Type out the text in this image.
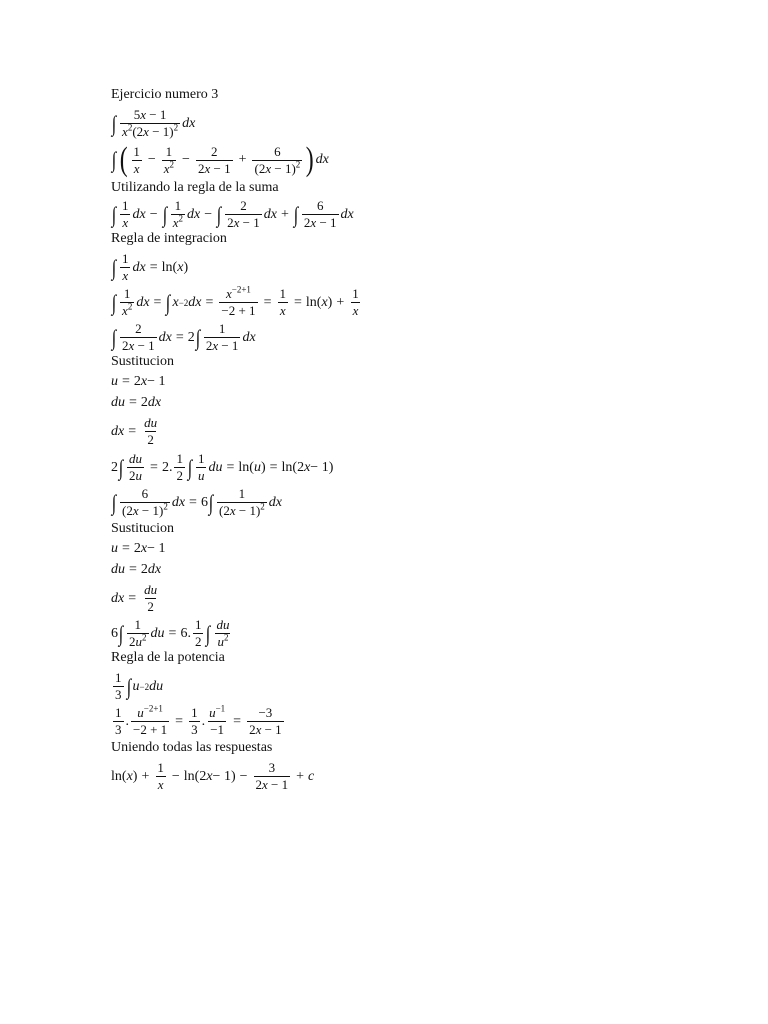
Ejercicio numero 3

∫ $\frac{5x - 1}{x^2(2x - 1)^2}$ dx
∫ ( $\frac{1}{x} - \frac{1}{x^2} - \frac{2}{2x - 1} + \frac{6}{(2x - 1)^2}$ ) dx

Utilizando la regla de la suma

∫ $\frac{1}{x}$ dx − ∫ $\frac{1}{x^2}$ dx − ∫ $\frac{2}{2x - 1}$ dx + ∫ $\frac{6}{2x - 1}$ dx

Regla de integracion

∫ $\frac{1}{x}$ dx = ln( x )
∫ $\frac{1}{x^2}$ dx = ∫ x −2 dx = $\frac{x^{-2+1}}{-2 + 1} = \frac{1}{x} = \ln$( x ) + $\frac{1}{x}$
∫ $\frac{2}{2x - 1}$ dx = 2 ∫ $\frac{1}{2x - 1}$ dx

Sustitucion

u = 2 x − 1
du = 2 dx
dx = $\frac{du}{2}$
2 ∫ $\frac{du}{2u} = 2$. $\frac{1}{2}$ ∫ $\frac{1}{u}$ du = ln( u ) = ln(2 x − 1)
∫ $\frac{6}{(2x - 1)^2}$ dx = 6 ∫ $\frac{1}{(2x - 1)^2}$ dx

Sustitucion

u = 2 x − 1
du = 2 dx
dx = $\frac{du}{2}$
6 ∫ $\frac{1}{2u^2}$ du = 6. $\frac{1}{2}$ ∫ $\frac{du}{u^2}$

Regla de la potencia

$\frac{1}{3}$ ∫ u −2 du
$\frac{1}{3}$ . $\frac{u^{-2+1}}{-2 + 1} = \frac{1}{3}$ . $\frac{u^{-1}}{-1} = \frac{-3}{2x - 1}$

Uniendo todas las respuestas

ln( x ) + $\frac{1}{x} - \ln(2$ $x - 1) - \frac{3}{2x - 1} + c$
